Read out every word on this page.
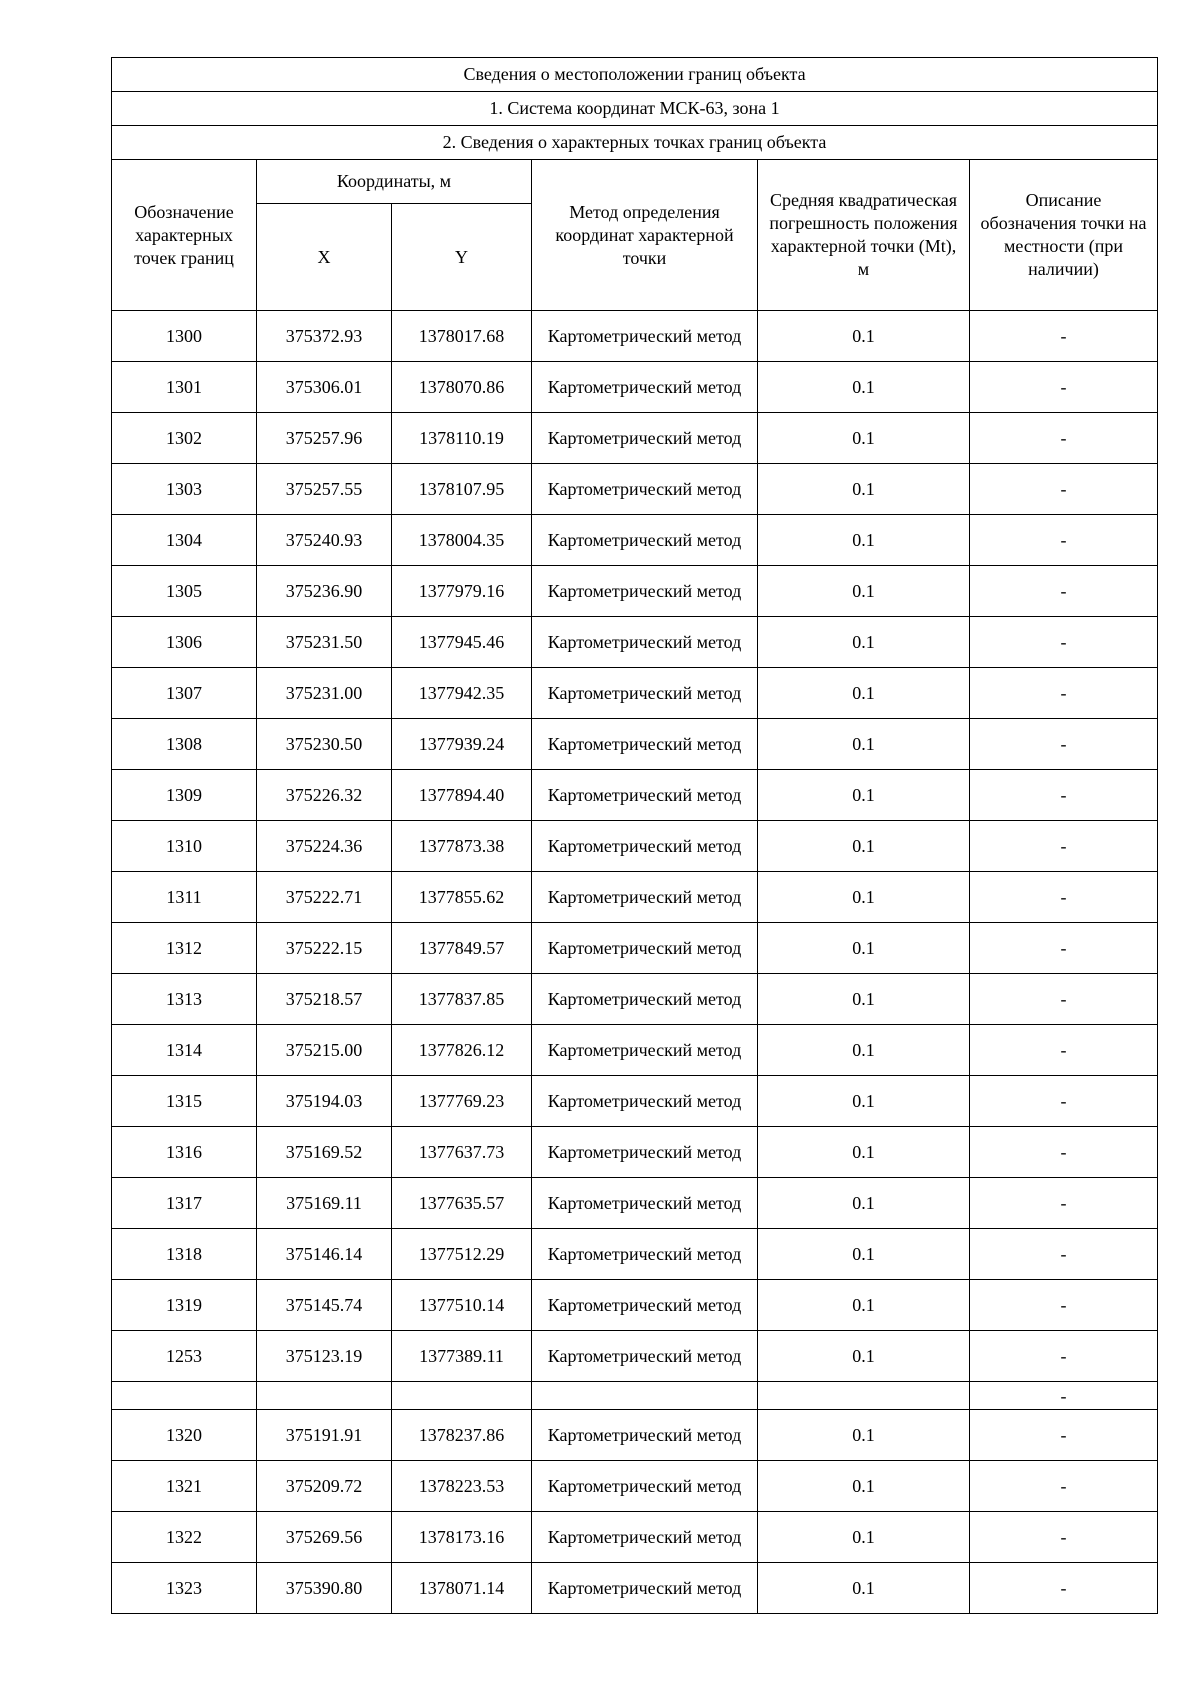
Сведения о местоположении границ объекта					
1. Система координат МСК-63, зона 1					
2. Сведения о характерных точках границ объекта					
Обозначение характерных точек границ	Координаты, м		Метод определения координат характерной точки	Средняя квадратическая погрешность положения характерной точки (Mt), м	Описание обозначения точки на местности (при наличии)
	X	Y			
1300	375372.93	1378017.68	Картометрический метод	0.1	-
1301	375306.01	1378070.86	Картометрический метод	0.1	-
1302	375257.96	1378110.19	Картометрический метод	0.1	-
1303	375257.55	1378107.95	Картометрический метод	0.1	-
1304	375240.93	1378004.35	Картометрический метод	0.1	-
1305	375236.90	1377979.16	Картометрический метод	0.1	-
1306	375231.50	1377945.46	Картометрический метод	0.1	-
1307	375231.00	1377942.35	Картометрический метод	0.1	-
1308	375230.50	1377939.24	Картометрический метод	0.1	-
1309	375226.32	1377894.40	Картометрический метод	0.1	-
1310	375224.36	1377873.38	Картометрический метод	0.1	-
1311	375222.71	1377855.62	Картометрический метод	0.1	-
1312	375222.15	1377849.57	Картометрический метод	0.1	-
1313	375218.57	1377837.85	Картометрический метод	0.1	-
1314	375215.00	1377826.12	Картометрический метод	0.1	-
1315	375194.03	1377769.23	Картометрический метод	0.1	-
1316	375169.52	1377637.73	Картометрический метод	0.1	-
1317	375169.11	1377635.57	Картометрический метод	0.1	-
1318	375146.14	1377512.29	Картометрический метод	0.1	-
1319	375145.74	1377510.14	Картометрический метод	0.1	-
1253	375123.19	1377389.11	Картометрический метод	0.1	-
					-
1320	375191.91	1378237.86	Картометрический метод	0.1	-
1321	375209.72	1378223.53	Картометрический метод	0.1	-
1322	375269.56	1378173.16	Картометрический метод	0.1	-
1323	375390.80	1378071.14	Картометрический метод	0.1	-
